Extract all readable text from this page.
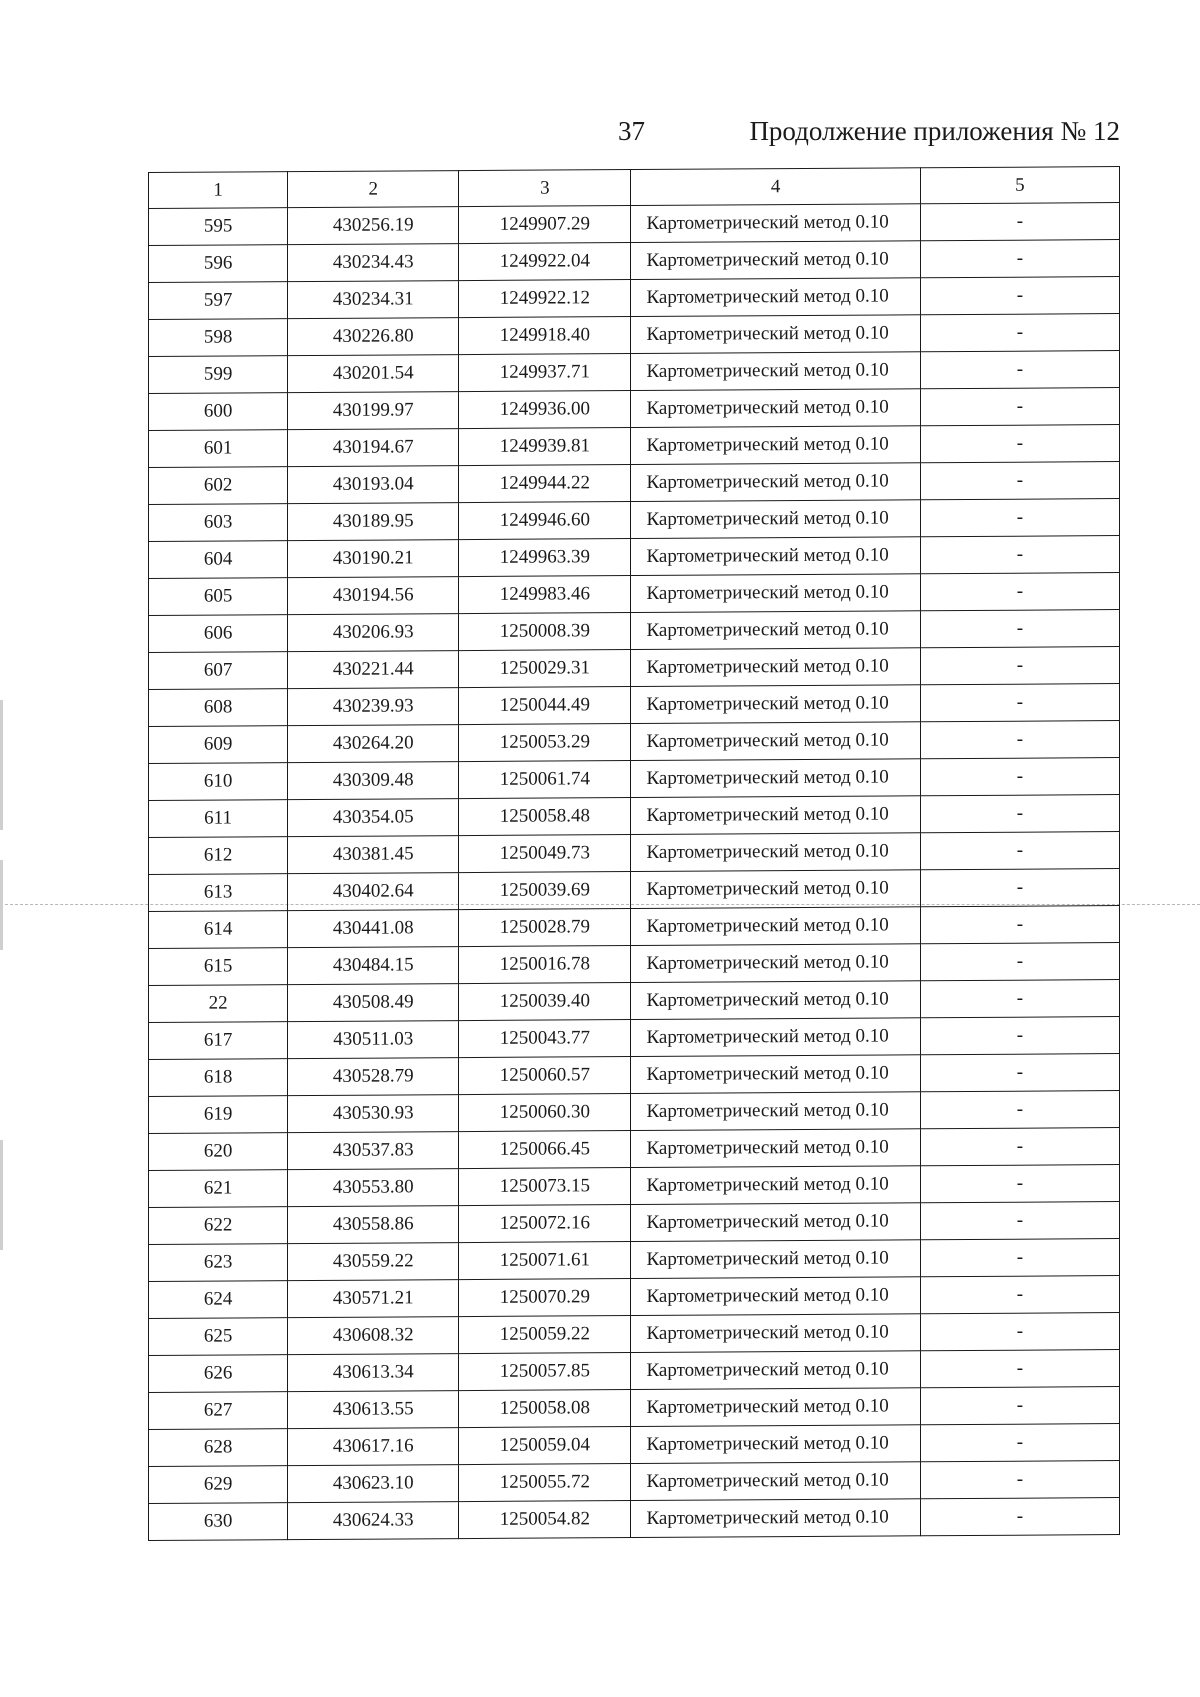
37	Продолжение приложения № 12
1	2	3	4	5
595	430256.19	1249907.29	Картометрический метод 0.10	-
596	430234.43	1249922.04	Картометрический метод 0.10	-
597	430234.31	1249922.12	Картометрический метод 0.10	-
598	430226.80	1249918.40	Картометрический метод 0.10	-
599	430201.54	1249937.71	Картометрический метод 0.10	-
600	430199.97	1249936.00	Картометрический метод 0.10	-
601	430194.67	1249939.81	Картометрический метод 0.10	-
602	430193.04	1249944.22	Картометрический метод 0.10	-
603	430189.95	1249946.60	Картометрический метод 0.10	-
604	430190.21	1249963.39	Картометрический метод 0.10	-
605	430194.56	1249983.46	Картометрический метод 0.10	-
606	430206.93	1250008.39	Картометрический метод 0.10	-
607	430221.44	1250029.31	Картометрический метод 0.10	-
608	430239.93	1250044.49	Картометрический метод 0.10	-
609	430264.20	1250053.29	Картометрический метод 0.10	-
610	430309.48	1250061.74	Картометрический метод 0.10	-
611	430354.05	1250058.48	Картометрический метод 0.10	-
612	430381.45	1250049.73	Картометрический метод 0.10	-
613	430402.64	1250039.69	Картометрический метод 0.10	-
614	430441.08	1250028.79	Картометрический метод 0.10	-
615	430484.15	1250016.78	Картометрический метод 0.10	-
22	430508.49	1250039.40	Картометрический метод 0.10	-
617	430511.03	1250043.77	Картометрический метод 0.10	-
618	430528.79	1250060.57	Картометрический метод 0.10	-
619	430530.93	1250060.30	Картометрический метод 0.10	-
620	430537.83	1250066.45	Картометрический метод 0.10	-
621	430553.80	1250073.15	Картометрический метод 0.10	-
622	430558.86	1250072.16	Картометрический метод 0.10	-
623	430559.22	1250071.61	Картометрический метод 0.10	-
624	430571.21	1250070.29	Картометрический метод 0.10	-
625	430608.32	1250059.22	Картометрический метод 0.10	-
626	430613.34	1250057.85	Картометрический метод 0.10	-
627	430613.55	1250058.08	Картометрический метод 0.10	-
628	430617.16	1250059.04	Картометрический метод 0.10	-
629	430623.10	1250055.72	Картометрический метод 0.10	-
630	430624.33	1250054.82	Картометрический метод 0.10	-
